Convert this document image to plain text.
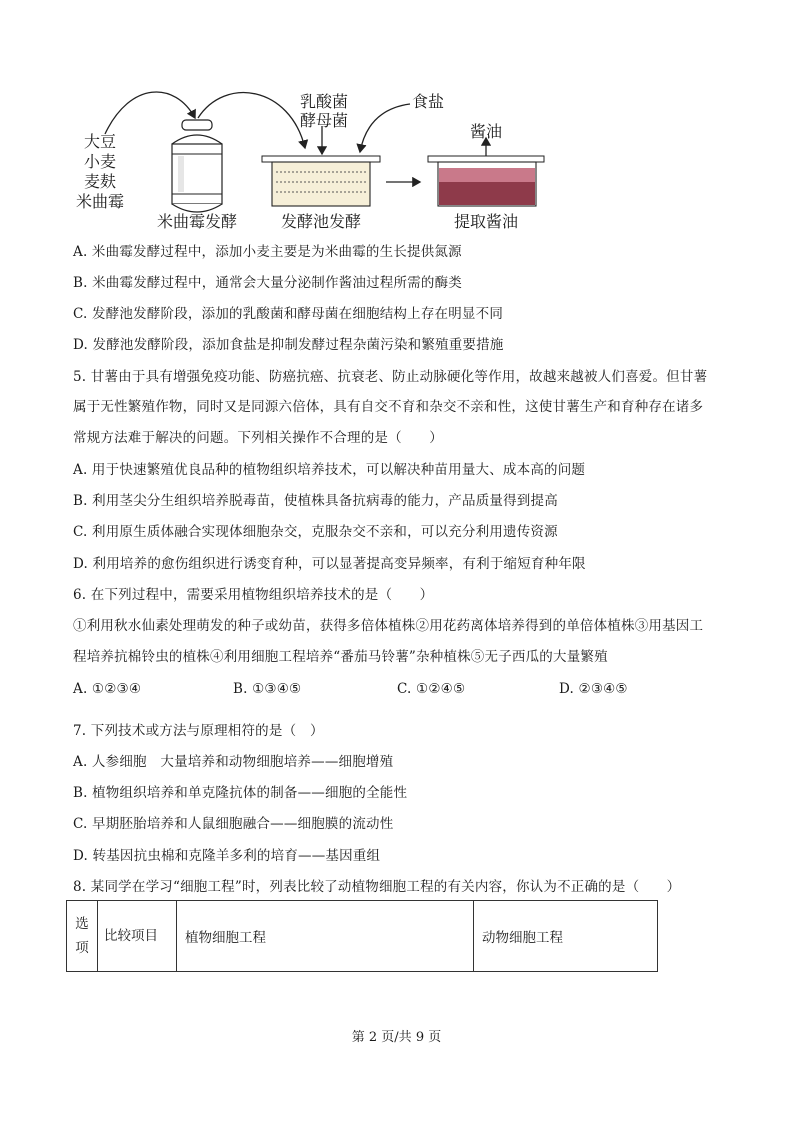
大豆
小麦
麦麸
米曲霉
米曲霉发酵
乳酸菌
酵母菌
食盐
发酵池发酵
酱油
提取酱油
A. 米曲霉发酵过程中，添加小麦主要是为米曲霉的生长提供氮源
B. 米曲霉发酵过程中，通常会大量分泌制作酱油过程所需的酶类
C. 发酵池发酵阶段，添加的乳酸菌和酵母菌在细胞结构上存在明显不同
D. 发酵池发酵阶段，添加食盐是抑制发酵过程杂菌污染和繁殖重要措施
5. 甘薯由于具有增强免疫功能、防癌抗癌、抗衰老、防止动脉硬化等作用，故越来越被人们喜爱。但甘薯
属于无性繁殖作物，同时又是同源六倍体，具有自交不育和杂交不亲和性，这使甘薯生产和育种存在诸多
常规方法难于解决的问题。下列相关操作不合理的是（　　）
A. 用于快速繁殖优良品种的植物组织培养技术，可以解决种苗用量大、成本高的问题
B. 利用茎尖分生组织培养脱毒苗，使植株具备抗病毒的能力，产品质量得到提高
C. 利用原生质体融合实现体细胞杂交，克服杂交不亲和，可以充分利用遗传资源
D. 利用培养的愈伤组织进行诱变育种，可以显著提高变异频率，有利于缩短育种年限
6. 在下列过程中，需要采用植物组织培养技术的是（　　）
①利用秋水仙素处理萌发的种子或幼苗，获得多倍体植株②用花药离体培养得到的单倍体植株③用基因工
程培养抗棉铃虫的植株④利用细胞工程培养“番茄马铃薯”杂种植株⑤无子西瓜的大量繁殖
A. ①②③④	B. ①③④⑤	C. ①②④⑤	D. ②③④⑤
7. 下列技术或方法与原理相符的是（　）
A. 人参细胞　大量培养和动物细胞培养——细胞增殖
B. 植物组织培养和单克隆抗体的制备——细胞的全能性
C. 早期胚胎培养和人鼠细胞融合——细胞膜的流动性
D. 转基因抗虫棉和克隆羊多利的培育——基因重组
8. 某同学在学习“细胞工程”时，列表比较了动植物细胞工程的有关内容，你认为不正确的是（　　）
选项	比较项目	植物细胞工程	动物细胞工程
第 2 页/共 9 页
